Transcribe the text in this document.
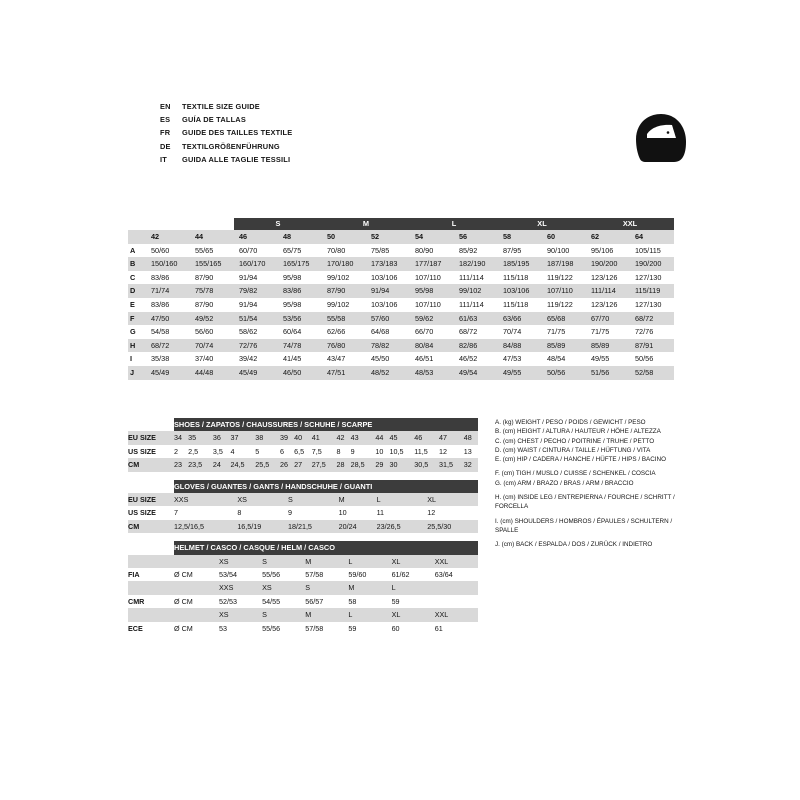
EN	TEXTILE SIZE GUIDE
ES	GUÍA DE TALLAS
FR	GUIDE DES TAILLES TEXTILE
DE	TEXTILGRÖßENFÜHRUNG
IT	GUIDA ALLE TAGLIE TESSILI
			S		M		L		XL		XXL		
	42	44	46	48	50	52	54	56	58	60	62	64	
A	50/60	55/65	60/70	65/75	70/80	75/85	80/90	85/92	87/95	90/100	95/106	105/115	
B	150/160	155/165	160/170	165/175	170/180	173/183	177/187	182/190	185/195	187/198	190/200	190/200	
C	83/86	87/90	91/94	95/98	99/102	103/106	107/110	111/114	115/118	119/122	123/126	127/130	
D	71/74	75/78	79/82	83/86	87/90	91/94	95/98	99/102	103/106	107/110	111/114	115/119	
E	83/86	87/90	91/94	95/98	99/102	103/106	107/110	111/114	115/118	119/122	123/126	127/130	
F	47/50	49/52	51/54	53/56	55/58	57/60	59/62	61/63	63/66	65/68	67/70	68/72	
G	54/58	56/60	58/62	60/64	62/66	64/68	66/70	68/72	70/74	71/75	71/75	72/76	
H	68/72	70/74	72/76	74/78	76/80	78/82	80/84	82/86	84/88	85/89	85/89	87/91	
I	35/38	37/40	39/42	41/45	43/47	45/50	46/51	46/52	47/53	48/54	49/55	50/56	
J	45/49	44/48	45/49	46/50	47/51	48/52	48/53	49/54	49/55	50/56	51/56	52/58	
	SHOES / ZAPATOS / CHAUSSURES / SCHUHE / SCARPE														
EU SIZE	34	35	36	37	38	39	40	41	42	43	44	45	46	47	48
US SIZE	2	2,5	3,5	4	5	6	6,5	7,5	8	9	10	10,5	11,5	12	13
CM	23	23,5	24	24,5	25,5	26	27	27,5	28	28,5	29	30	30,5	31,5	32
	GLOVES / GUANTES / GANTS / HANDSCHUHE / GUANTI					
EU SIZE	XXS	XS	S	M	L	XL
US SIZE	7	8	9	10	11	12
CM	12,5/16,5	16,5/19	18/21,5	20/24	23/26,5	25,5/30
	HELMET / CASCO / CASQUE / HELM / CASCO						
		XS	S	M	L	XL	XXL
FIA	Ø CM	53/54	55/56	57/58	59/60	61/62	63/64
		XXS	XS	S	M	L	
CMR	Ø CM	52/53	54/55	56/57	58	59	
		XS	S	M	L	XL	XXL
ECE	Ø CM	53	55/56	57/58	59	60	61
A. (kg) WEIGHT / PESO / POIDS / GEWICHT / PESO
B. (cm) HEIGHT / ALTURA / HAUTEUR / HÖHE / ALTEZZA
C. (cm) CHEST / PECHO / POITRINE / TRUHE / PETTO
D. (cm) WAIST / CINTURA / TAILLE / HÜFTUNG / VITA
E. (cm) HIP / CADERA / HANCHE / HÜFTE / HIPS / BACINO
F. (cm) TIGH / MUSLO / CUISSE / SCHENKEL / COSCIA
G. (cm) ARM / BRAZO / BRAS / ARM / BRACCIO
H. (cm) INSIDE LEG / ENTREPIERNA / FOURCHE / SCHRITT / FORCELLA
I. (cm) SHOULDERS / HOMBROS / ÉPAULES / SCHULTERN / SPALLE
J. (cm) BACK / ESPALDA / DOS / ZURÜCK / INDIETRO
